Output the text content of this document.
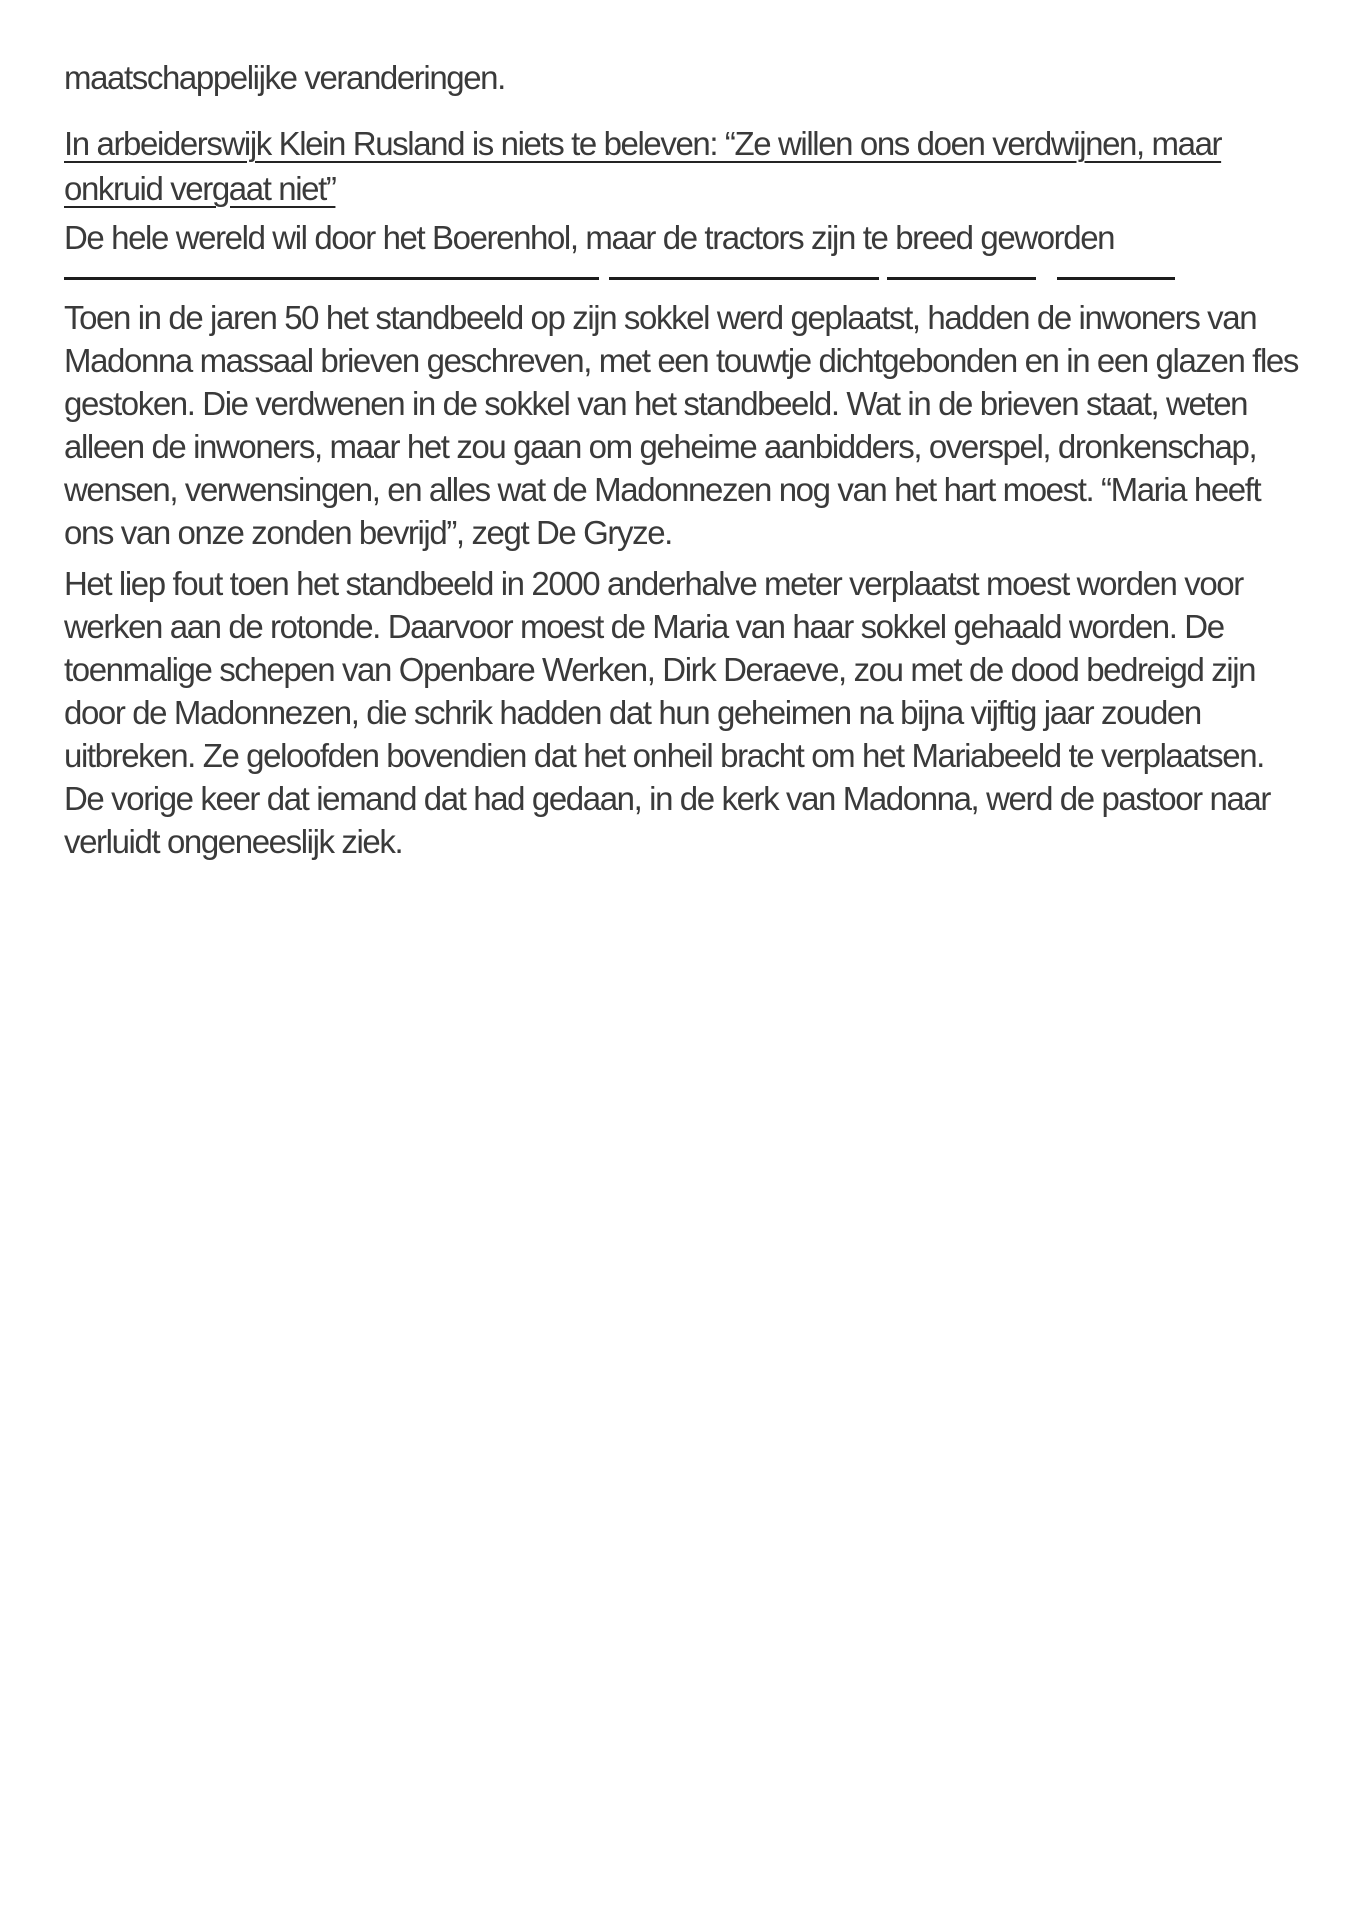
maatschappelijke veranderingen.

In arbeiderswijk Klein Rusland is niets te beleven: “Ze willen ons doen verdwijnen, maar onkruid vergaat niet”

De hele wereld wil door het Boerenhol, maar de tractors zijn te breed geworden

Toen in de jaren 50 het standbeeld op zijn sokkel werd geplaatst, hadden de inwoners van Madonna massaal brieven geschreven, met een touwtje dichtgebonden en in een glazen fles gestoken. Die verdwenen in de sokkel van het standbeeld. Wat in de brieven staat, weten alleen de inwoners, maar het zou gaan om geheime aanbidders, overspel, dronkenschap, wensen, verwensingen, en alles wat de Madonnezen nog van het hart moest. “Maria heeft ons van onze zonden bevrijd”, zegt De Gryze.

Het liep fout toen het standbeeld in 2000 anderhalve meter verplaatst moest worden voor werken aan de rotonde. Daarvoor moest de Maria van haar sokkel gehaald worden. De toenmalige schepen van Openbare Werken, Dirk Deraeve, zou met de dood bedreigd zijn door de Madonnezen, die schrik hadden dat hun geheimen na bijna vijftig jaar zouden uitbreken. Ze geloofden bovendien dat het onheil bracht om het Mariabeeld te verplaatsen. De vorige keer dat iemand dat had gedaan, in de kerk van Madonna, werd de pastoor naar verluidt ongeneeslijk ziek.
